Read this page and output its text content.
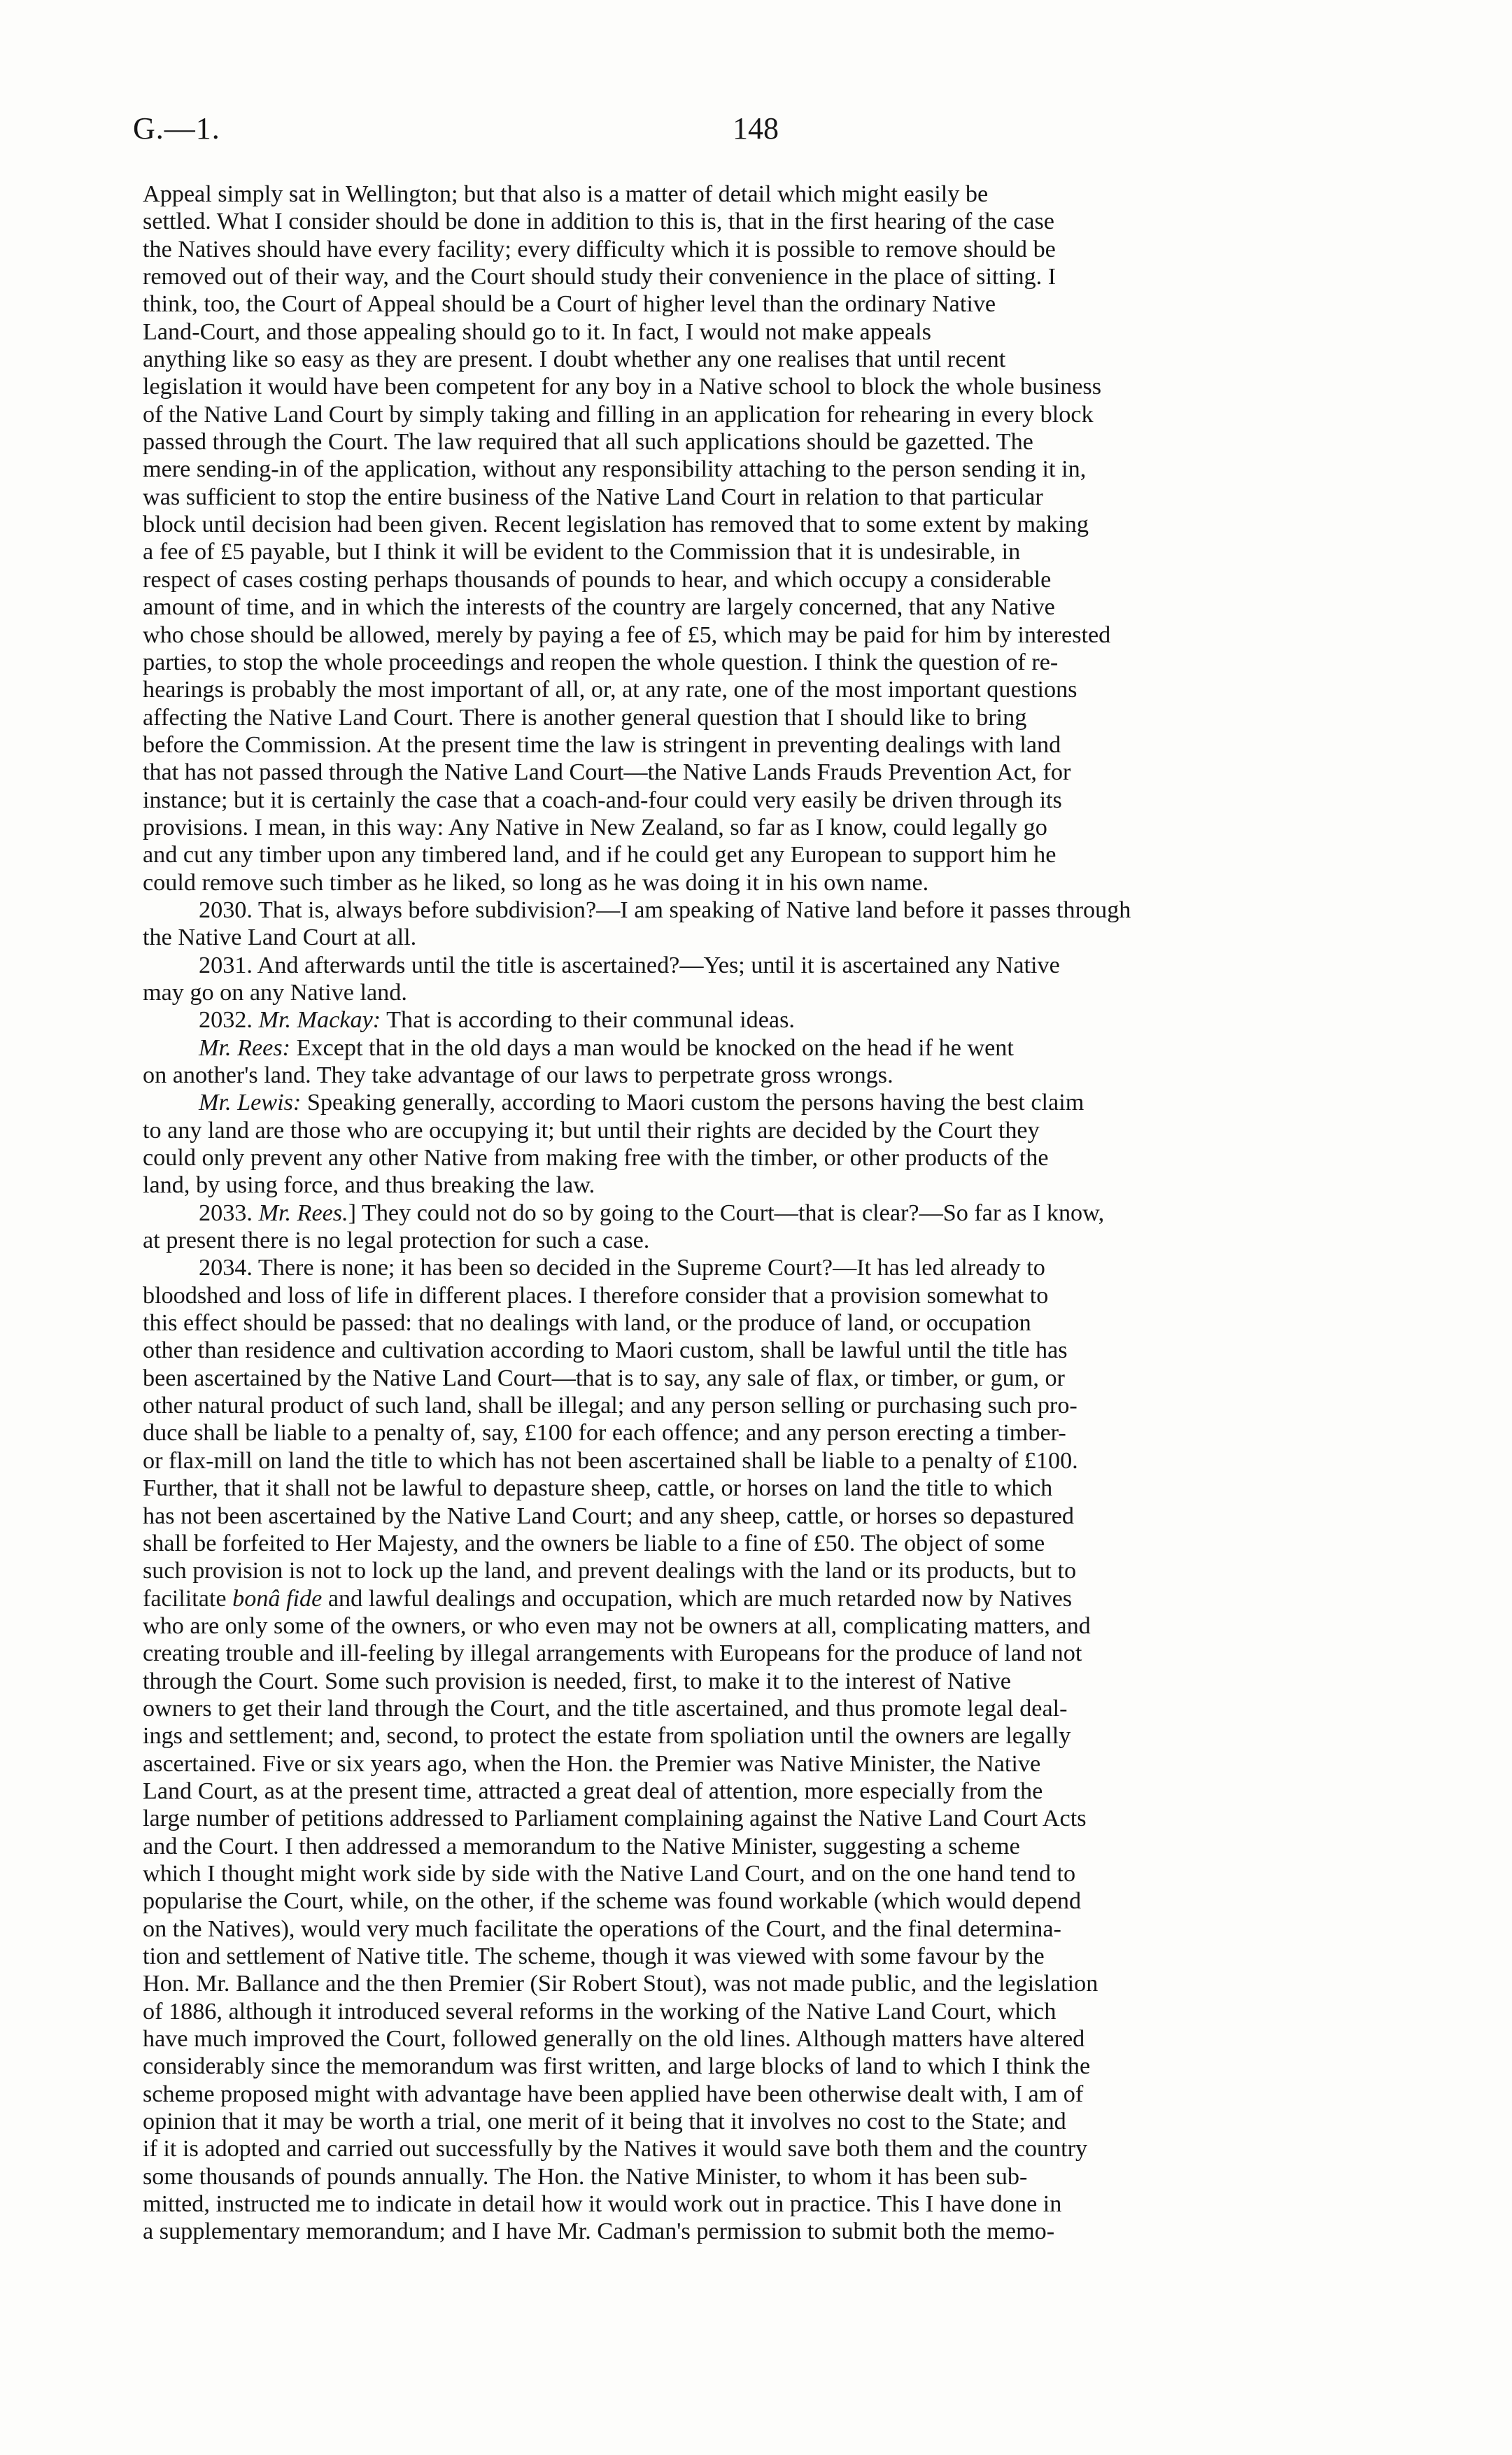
G.—1.	148

Appeal simply sat in Wellington; but that also is a matter of detail which might easily be
settled. What I consider should be done in addition to this is, that in the first hearing of the case
the Natives should have every facility; every difficulty which it is possible to remove should be
removed out of their way, and the Court should study their convenience in the place of sitting. I
think, too, the Court of Appeal should be a Court of higher level than the ordinary Native
Land-Court, and those appealing should go to it. In fact, I would not make appeals
anything like so easy as they are present. I doubt whether any one realises that until recent
legislation it would have been competent for any boy in a Native school to block the whole business
of the Native Land Court by simply taking and filling in an application for rehearing in every block
passed through the Court. The law required that all such applications should be gazetted. The
mere sending-in of the application, without any responsibility attaching to the person sending it in,
was sufficient to stop the entire business of the Native Land Court in relation to that particular
block until decision had been given. Recent legislation has removed that to some extent by making
a fee of £5 payable, but I think it will be evident to the Commission that it is undesirable, in
respect of cases costing perhaps thousands of pounds to hear, and which occupy a considerable
amount of time, and in which the interests of the country are largely concerned, that any Native
who chose should be allowed, merely by paying a fee of £5, which may be paid for him by interested
parties, to stop the whole proceedings and reopen the whole question. I think the question of re-
hearings is probably the most important of all, or, at any rate, one of the most important questions
affecting the Native Land Court. There is another general question that I should like to bring
before the Commission. At the present time the law is stringent in preventing dealings with land
that has not passed through the Native Land Court—the Native Lands Frauds Prevention Act, for
instance; but it is certainly the case that a coach-and-four could very easily be driven through its
provisions. I mean, in this way: Any Native in New Zealand, so far as I know, could legally go
and cut any timber upon any timbered land, and if he could get any European to support him he
could remove such timber as he liked, so long as he was doing it in his own name.

2030. That is, always before subdivision?—I am speaking of Native land before it passes through
the Native Land Court at all.

2031. And afterwards until the title is ascertained?—Yes; until it is ascertained any Native
may go on any Native land.

2032. Mr. Mackay: That is according to their communal ideas.

Mr. Rees: Except that in the old days a man would be knocked on the head if he went
on another's land. They take advantage of our laws to perpetrate gross wrongs.

Mr. Lewis: Speaking generally, according to Maori custom the persons having the best claim
to any land are those who are occupying it; but until their rights are decided by the Court they
could only prevent any other Native from making free with the timber, or other products of the
land, by using force, and thus breaking the law.

2033. Mr. Rees.] They could not do so by going to the Court—that is clear?—So far as I know,
at present there is no legal protection for such a case.

2034. There is none; it has been so decided in the Supreme Court?—It has led already to
bloodshed and loss of life in different places. I therefore consider that a provision somewhat to
this effect should be passed: that no dealings with land, or the produce of land, or occupation
other than residence and cultivation according to Maori custom, shall be lawful until the title has
been ascertained by the Native Land Court—that is to say, any sale of flax, or timber, or gum, or
other natural product of such land, shall be illegal; and any person selling or purchasing such pro-
duce shall be liable to a penalty of, say, £100 for each offence; and any person erecting a timber-
or flax-mill on land the title to which has not been ascertained shall be liable to a penalty of £100.
Further, that it shall not be lawful to depasture sheep, cattle, or horses on land the title to which
has not been ascertained by the Native Land Court; and any sheep, cattle, or horses so depastured
shall be forfeited to Her Majesty, and the owners be liable to a fine of £50. The object of some
such provision is not to lock up the land, and prevent dealings with the land or its products, but to
facilitate bonâ fide and lawful dealings and occupation, which are much retarded now by Natives
who are only some of the owners, or who even may not be owners at all, complicating matters, and
creating trouble and ill-feeling by illegal arrangements with Europeans for the produce of land not
through the Court. Some such provision is needed, first, to make it to the interest of Native
owners to get their land through the Court, and the title ascertained, and thus promote legal deal-
ings and settlement; and, second, to protect the estate from spoliation until the owners are legally
ascertained. Five or six years ago, when the Hon. the Premier was Native Minister, the Native
Land Court, as at the present time, attracted a great deal of attention, more especially from the
large number of petitions addressed to Parliament complaining against the Native Land Court Acts
and the Court. I then addressed a memorandum to the Native Minister, suggesting a scheme
which I thought might work side by side with the Native Land Court, and on the one hand tend to
popularise the Court, while, on the other, if the scheme was found workable (which would depend
on the Natives), would very much facilitate the operations of the Court, and the final determina-
tion and settlement of Native title. The scheme, though it was viewed with some favour by the
Hon. Mr. Ballance and the then Premier (Sir Robert Stout), was not made public, and the legislation
of 1886, although it introduced several reforms in the working of the Native Land Court, which
have much improved the Court, followed generally on the old lines. Although matters have altered
considerably since the memorandum was first written, and large blocks of land to which I think the
scheme proposed might with advantage have been applied have been otherwise dealt with, I am of
opinion that it may be worth a trial, one merit of it being that it involves no cost to the State; and
if it is adopted and carried out successfully by the Natives it would save both them and the country
some thousands of pounds annually. The Hon. the Native Minister, to whom it has been sub-
mitted, instructed me to indicate in detail how it would work out in practice. This I have done in
a supplementary memorandum; and I have Mr. Cadman's permission to submit both the memo-
